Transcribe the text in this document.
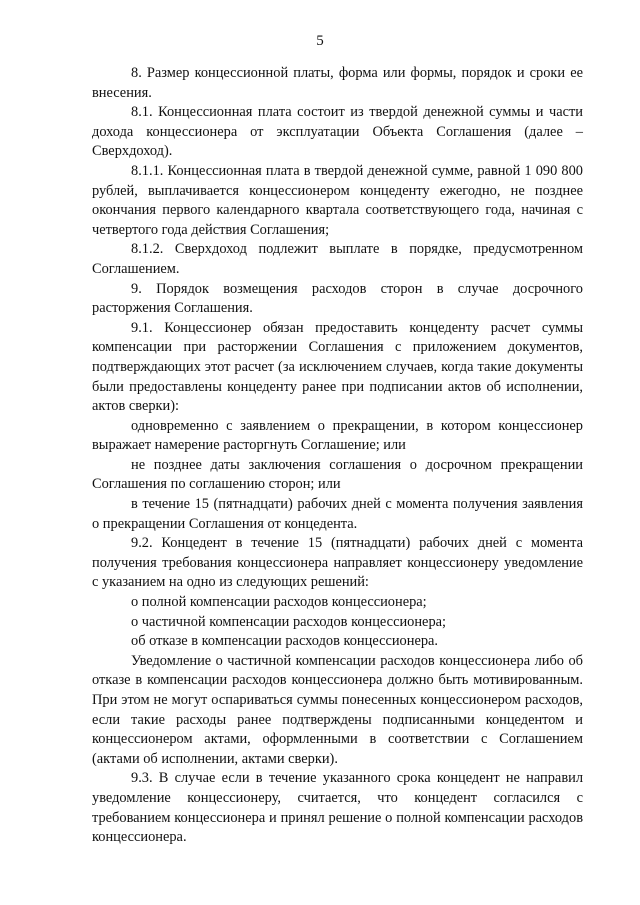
5

8. Размер концессионной платы, форма или формы, порядок и сроки ее внесения.

8.1. Концессионная плата состоит из твердой денежной суммы и части дохода концессионера от эксплуатации Объекта Соглашения (далее – Сверхдоход).

8.1.1. Концессионная плата в твердой денежной сумме, равной 1 090 800 рублей, выплачивается концессионером концеденту ежегодно, не позднее окончания первого календарного квартала соответствующего года, начиная с четвертого года действия Соглашения;

8.1.2. Сверхдоход подлежит выплате в порядке, предусмотренном Соглашением.

9. Порядок возмещения расходов сторон в случае досрочного расторжения Соглашения.

9.1. Концессионер обязан предоставить концеденту расчет суммы компенсации при расторжении Соглашения с приложением документов, подтверждающих этот расчет (за исключением случаев, когда такие документы были предоставлены концеденту ранее при подписании актов об исполнении, актов сверки):

одновременно с заявлением о прекращении, в котором концессионер выражает намерение расторгнуть Соглашение; или

не позднее даты заключения соглашения о досрочном прекращении Соглашения по соглашению сторон; или

в течение 15 (пятнадцати) рабочих дней с момента получения заявления о прекращении Соглашения от концедента.

9.2. Концедент в течение 15 (пятнадцати) рабочих дней с момента получения требования концессионера направляет концессионеру уведомление с указанием на одно из следующих решений:

о полной компенсации расходов концессионера;

о частичной компенсации расходов концессионера;

об отказе в компенсации расходов концессионера.

Уведомление о частичной компенсации расходов концессионера либо об отказе в компенсации расходов концессионера должно быть мотивированным. При этом не могут оспариваться суммы понесенных концессионером расходов, если такие расходы ранее подтверждены подписанными концедентом и концессионером актами, оформленными в соответствии с Соглашением (актами об исполнении, актами сверки).

9.3. В случае если в течение указанного срока концедент не направил уведомление концессионеру, считается, что концедент согласился с требованием концессионера и принял решение о полной компенсации расходов концессионера.
